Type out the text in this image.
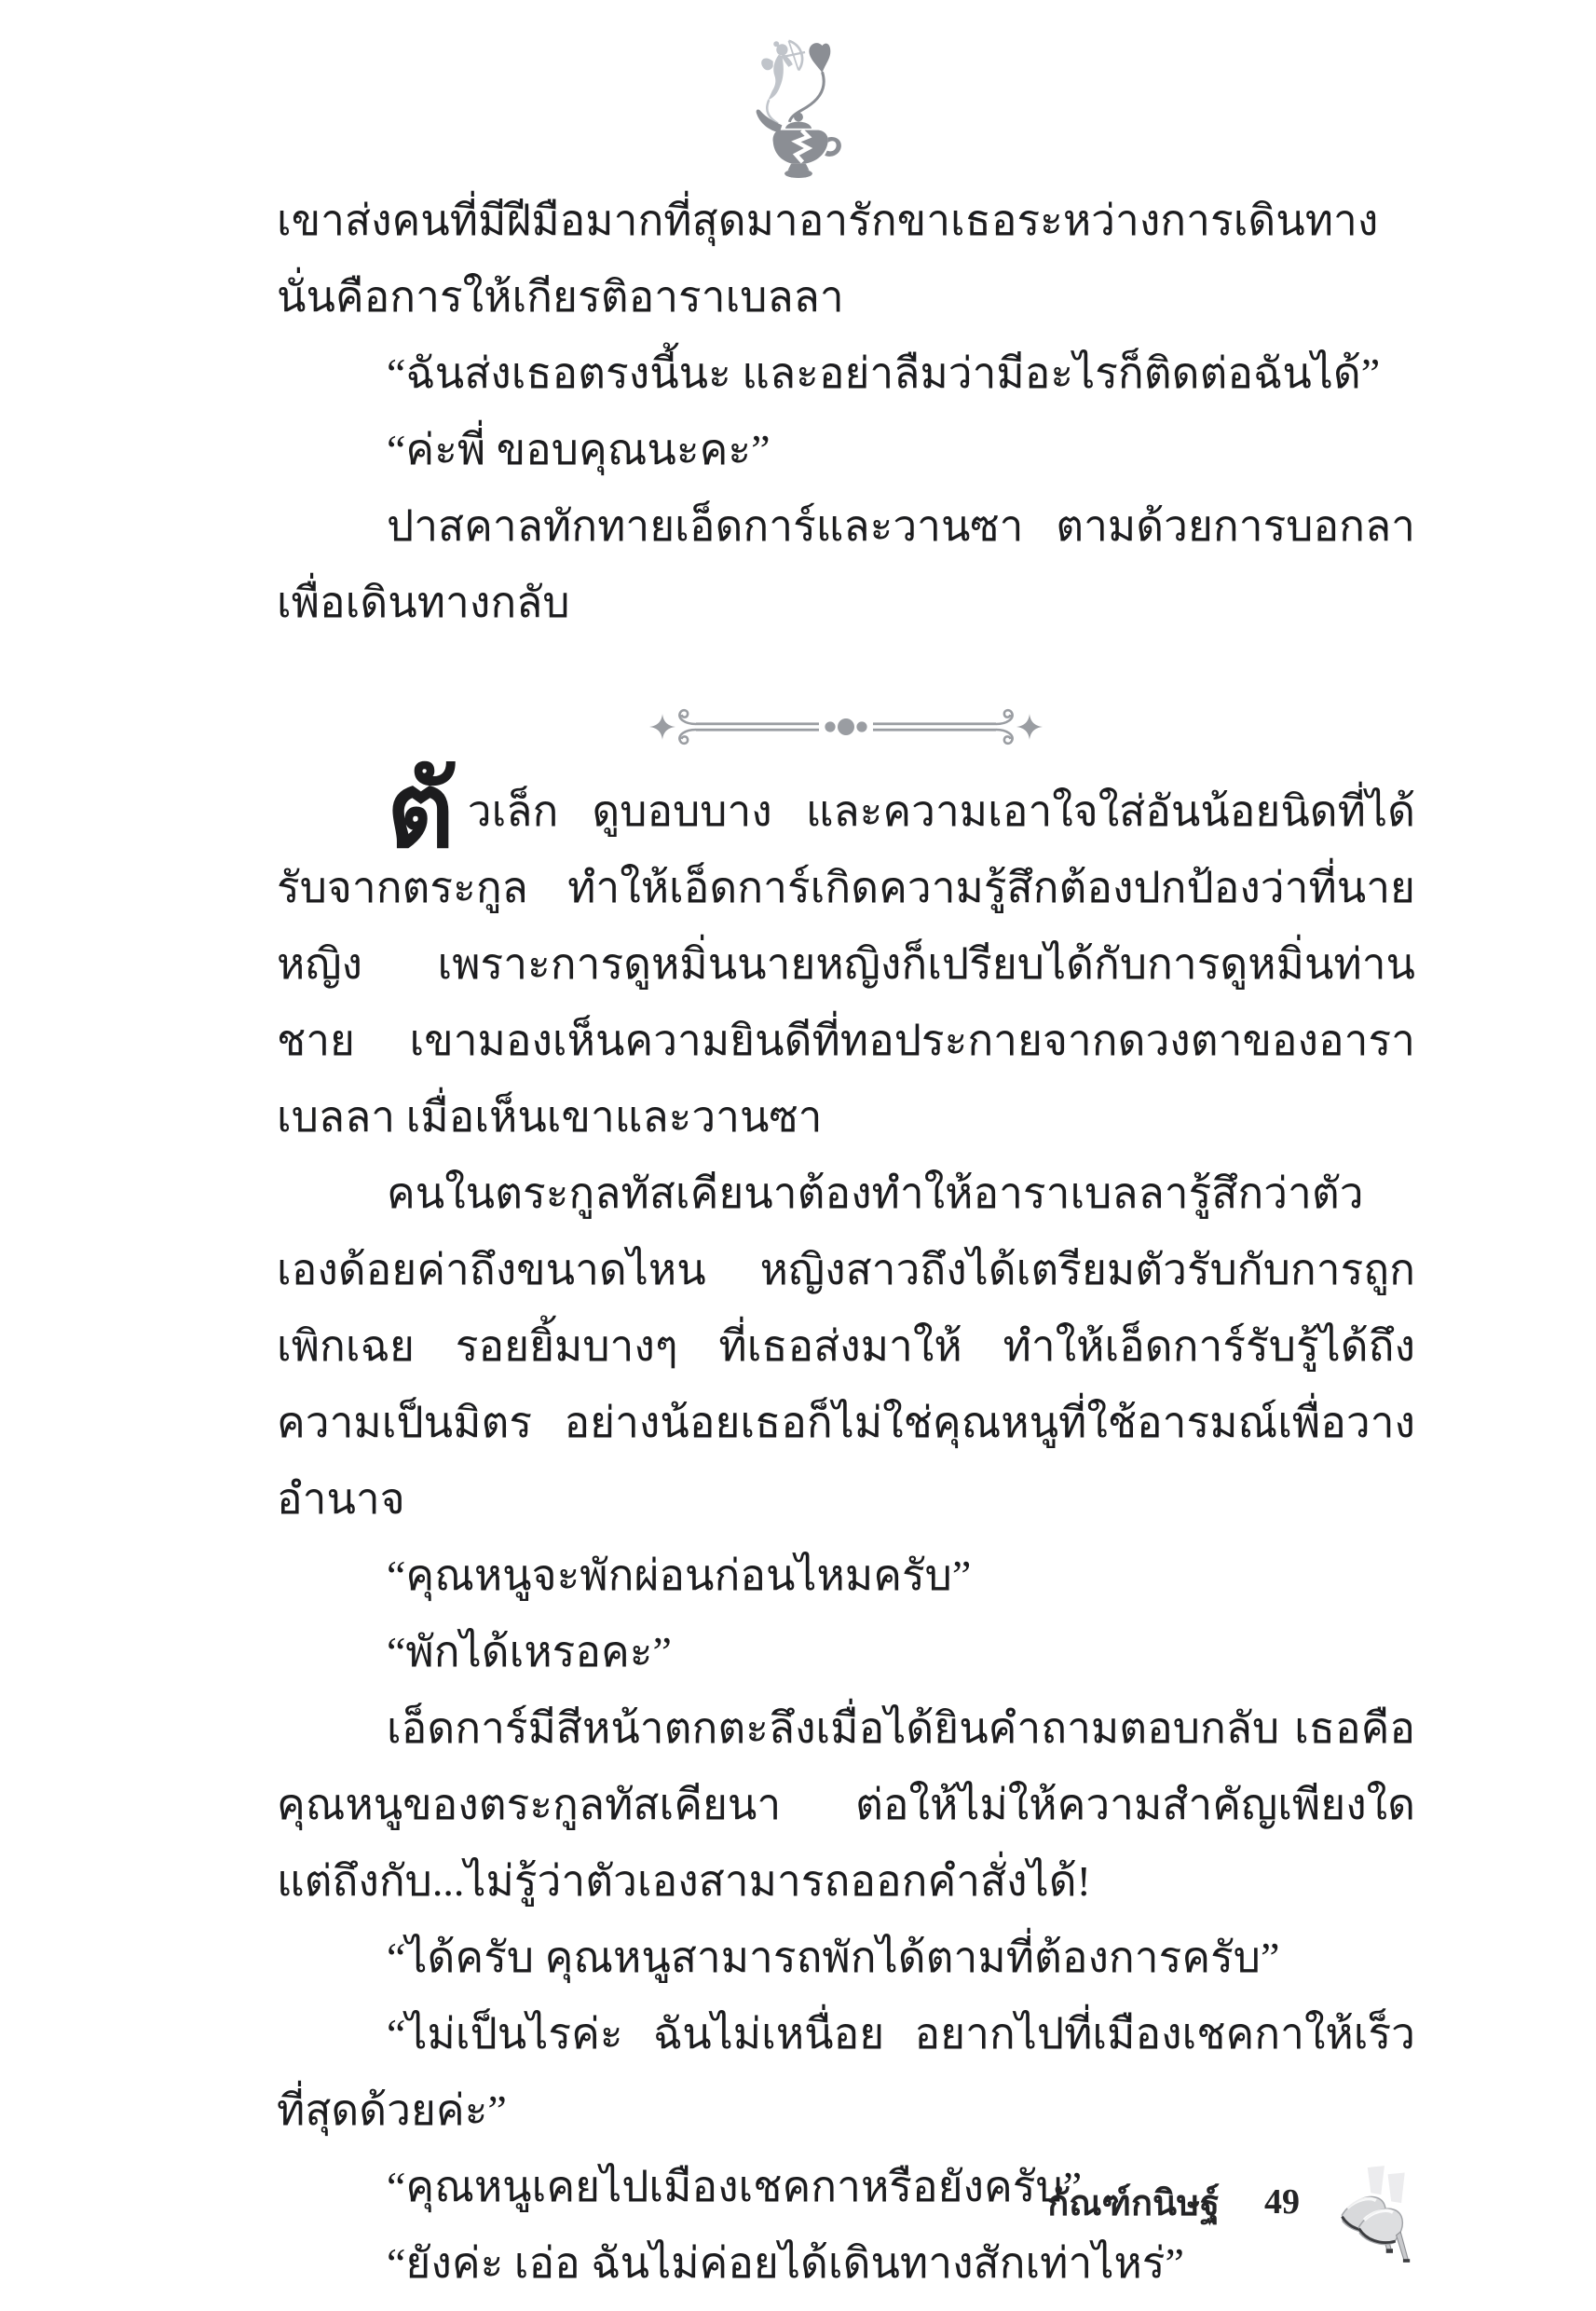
เขาส่งคนที่มีฝีมือมากที่สุดมาอารักขาเธอระหว่างการเดินทาง นั่นคือการให้เกียรติอาราเบลลา

“ฉันส่งเธอตรงนี้นะ และอย่าลืมว่ามีอะไรก็ติดต่อฉันได้”

“ค่ะพี่ ขอบคุณนะคะ”

ปาสคาลทักทายเอ็ดการ์และวานซา ตามด้วยการบอกลา เพื่อเดินทางกลับ

ตัวเล็ก ดูบอบบาง และความเอาใจใส่อันน้อยนิดที่ได้รับจากตระกูล ทำให้เอ็ดการ์เกิดความรู้สึกต้องปกป้องว่าที่นายหญิง เพราะการดูหมิ่นนายหญิงก็เปรียบได้กับการดูหมิ่นท่านชาย เขามองเห็นความยินดีที่ทอประกายจากดวงตาของอาราเบลลา เมื่อเห็นเขาและวานซา

คนในตระกูลทัสเคียนาต้องทำให้อาราเบลลารู้สึกว่าตัวเองด้อยค่าถึงขนาดไหน หญิงสาวถึงได้เตรียมตัวรับกับการถูกเพิกเฉย รอยยิ้มบางๆ ที่เธอส่งมาให้ ทำให้เอ็ดการ์รับรู้ได้ถึงความเป็นมิตร อย่างน้อยเธอก็ไม่ใช่คุณหนูที่ใช้อารมณ์เพื่อวางอำนาจ

“คุณหนูจะพักผ่อนก่อนไหมครับ”

“พักได้เหรอคะ”

เอ็ดการ์มีสีหน้าตกตะลึงเมื่อได้ยินคำถามตอบกลับ เธอคือคุณหนูของตระกูลทัสเคียนา ต่อให้ไม่ให้ความสำคัญเพียงใด แต่ถึงกับ...ไม่รู้ว่าตัวเองสามารถออกคำสั่งได้!

“ได้ครับ คุณหนูสามารถพักได้ตามที่ต้องการครับ”

“ไม่เป็นไรค่ะ ฉันไม่เหนื่อย อยากไปที่เมืองเชคกาให้เร็วที่สุดด้วยค่ะ”

“คุณหนูเคยไปเมืองเชคกาหรือยังครับ”

“ยังค่ะ เอ่อ ฉันไม่ค่อยได้เดินทางสักเท่าไหร่”

กัณฑ์กนิษฐ์ 49
